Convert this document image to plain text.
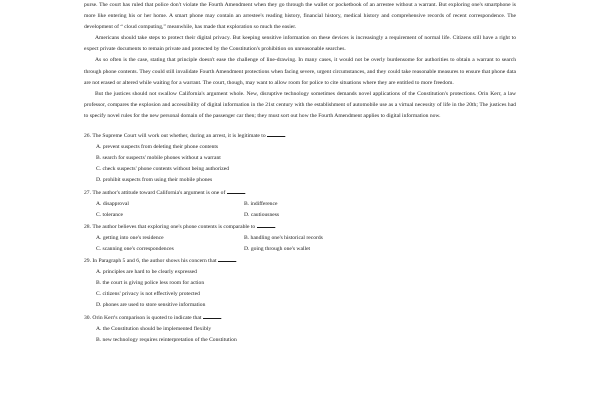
purse. The court has ruled that police don't violate the Fourth Amendment when they go through the wallet or pocketbook of an arrestee without a warrant. But exploring one's smartphone is more like entering his or her home. A smart phone may contain an arrestee's reading history, financial history, medical history and comprehensive records of recent correspondence. The development of “ cloud computing,” meanwhile, has made that exploration so much the easier.

Americans should take steps to protect their digital privacy. But keeping sensitive information on these devices is increasingly a requirement of normal life. Citizens still have a right to expect private documents to remain private and protected by the Constitution's prohibition on unreasonable searches.

As so often is the case, stating that principle doesn't ease the challenge of line-drawing. In many cases, it would not be overly burdensome for authorities to obtain a warrant to search through phone contents. They could still invalidate Fourth Amendment protections when facing severe, urgent circumstances, and they could take reasonable measures to ensure that phone data are not erased or altered while waiting for a warrant. The court, though, may want to allow room for police to cite situations where they are entitled to more freedom.

But the justices should not swallow California's argument whole. New, disruptive technology sometimes demands novel applications of the Constitution's protections. Orin Kerr, a law professor, compares the explosion and accessibility of digital information in the 21st century with the establishment of automobile use as a virtual necessity of life in the 20th; The justices had to specify novel rules for the new personal domain of the passenger car then; they must sort out how the Fourth Amendment applies to digital information now.

26. The Supreme Court will work out whether, during an arrest, it is legitimate to	.

A. prevent suspects from deleting their phone contents

B. search for suspects' mobile phones without a warrant

C. check suspects' phone contents without being authorized

D. prohibit suspects from using their mobile phones

27. The author's attitude toward California's argument is one of	.

A. disapproval	B. indifference
C. tolerance	D. cautiousness

28. The author believes that exploring one's phone contents is comparable to	.

A. getting into one's residence	B. handling one's historical records
C. scanning one's correspondences	D. going through one's wallet

29. In Paragraph 5 and 6, the author shows his concern that	.

A. principles are hard to be clearly expressed

B. the court is giving police less room for action

C. citizens' privacy is not effectively protected

D. phones are used to store sensitive information

30. Orin Kerr's comparison is quoted to indicate that	.

A. the Constitution should be implemented flexibly

B. new technology requires reinterpretation of the Constitution
